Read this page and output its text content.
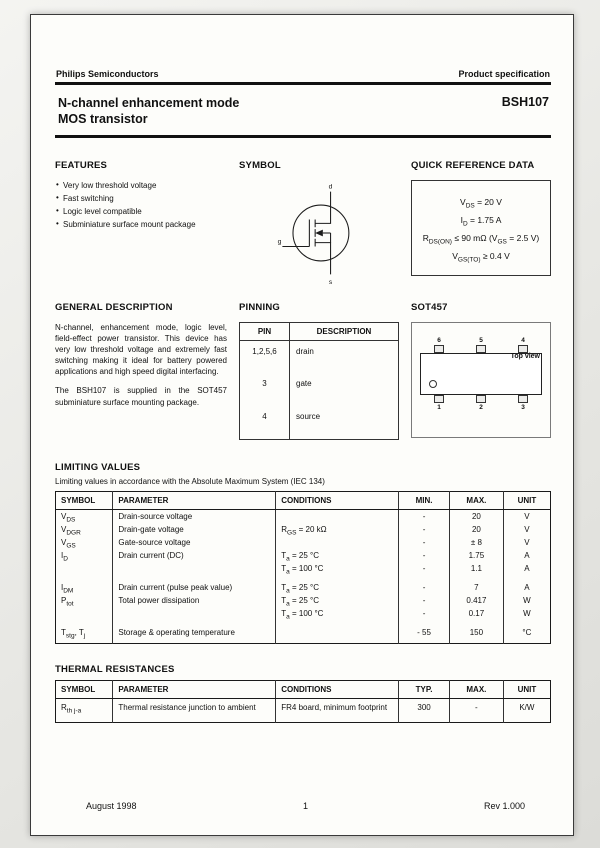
Philips Semiconductors	Product specification
N-channel enhancement mode
MOS transistor
BSH107
FEATURES
• Very low threshold voltage
• Fast switching
• Logic level compatible
• Subminiature surface mount package
SYMBOL
d
g
s
QUICK REFERENCE DATA
$V_{DS} = 20$ V
$I_D = 1.75$ A
$R_{DS(ON)} \le 90$ mΩ ($V_{GS} = 2.5$ V)
$V_{GS(TO)} \ge 0.4$ V
GENERAL DESCRIPTION

N-channel, enhancement mode, logic level, field-effect power transistor. This device has very low threshold voltage and extremely fast switching making it ideal for battery powered applications and high speed digital interfacing.

The BSH107 is supplied in the SOT457 subminiature surface mounting package.

PINNING
PIN	DESCRIPTION
1,2,5,6	drain
3	gate
4	source
SOT457
6	5	4
1	2	3
Top view
LIMITING VALUES
Limiting values in accordance with the Absolute Maximum System (IEC 134)
SYMBOL	PARAMETER	CONDITIONS	MIN.	MAX.	UNIT
$V_{DS}$	Drain-source voltage		-	20	V
$V_{DGR}$	Drain-gate voltage	$R_{GS} = 20$ kΩ	-	20	V
$V_{GS}$	Gate-source voltage		-	± 8	V
$I_D$	Drain current (DC)	$T_a = 25$ °C	-	1.75	A
		$T_a = 100$ °C	-	1.1	A
$I_{DM}$	Drain current (pulse peak value)	$T_a = 25$ °C	-	7	A
$P_{tot}$	Total power dissipation	$T_a = 25$ °C	-	0.417	W
		$T_a = 100$ °C	-	0.17	W
$T_{stg}$, $T_j$	Storage & operating temperature		- 55	150	°C
THERMAL RESISTANCES
SYMBOL	PARAMETER	CONDITIONS	TYP.	MAX.	UNIT
$R_{th j-a}$	Thermal resistance junction to ambient	FR4 board, minimum footprint	300	-	K/W
August 1998	1	Rev 1.000
